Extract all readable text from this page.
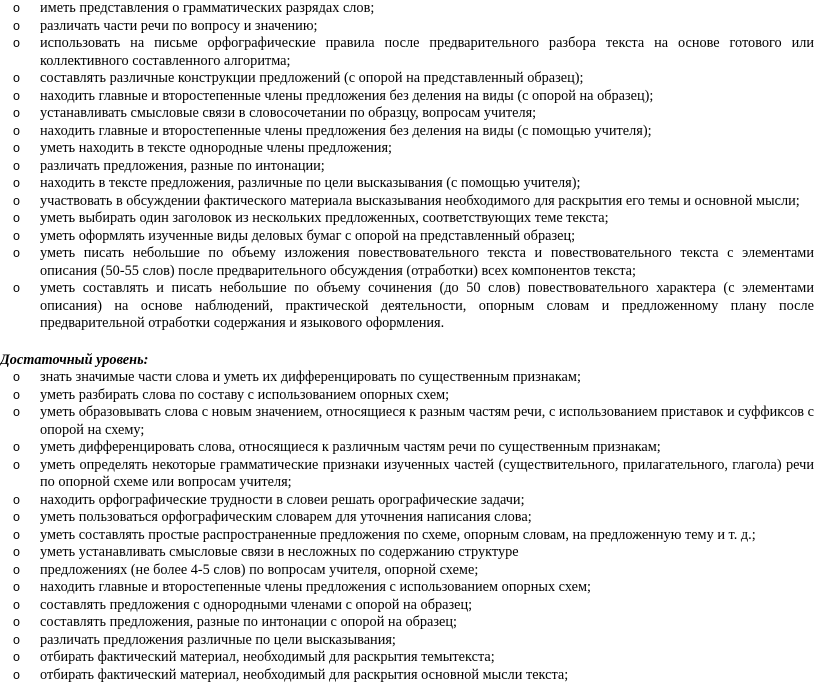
o иметь представления о грамматических разрядах слов;
o различать части речи по вопросу и значению;
o использовать на письме орфографические правила после предварительного разбора текста на основе готового или коллективного составленного алгоритма;
o составлять различные конструкции предложений (с опорой на представленный образец);
o находить главные и второстепенные члены предложения без деления на виды (с опорой на образец);
o устанавливать смысловые связи в словосочетании по образцу, вопросам учителя;
o находить главные и второстепенные члены предложения без деления на виды (с помощью учителя);
o уметь находить в тексте однородные члены предложения;
o различать предложения, разные по интонации;
o находить в тексте предложения, различные по цели высказывания (с помощью учителя);
o участвовать в обсуждении фактического материала высказывания необходимого для раскрытия его темы и основной мысли;
o уметь выбирать один заголовок из нескольких предложенных, соответствующих теме текста;
o уметь оформлять изученные виды деловых бумаг с опорой на представленный образец;
o уметь писать небольшие по объему изложения повествовательного текста и повествовательного текста с элементами описания (50-55 слов) после предварительного обсуждения (отработки) всех компонентов текста;
o уметь составлять и писать небольшие по объему сочинения (до 50 слов) повествовательного характера (с элементами описания) на основе наблюдений, практической деятельности, опорным словам и предложенному плану после предварительной отработки содержания и языкового оформления.
Достаточный уровень:
o знать значимые части слова и уметь их дифференцировать по существенным признакам;
o уметь разбирать слова по составу с использованием опорных схем;
o уметь образовывать слова с новым значением, относящиеся к разным частям речи, с использованием приставок и суффиксов с опорой на схему;
o уметь дифференцировать слова, относящиеся к различным частям речи по существенным признакам;
o уметь определять некоторые грамматические признаки изученных частей (существительного, прилагательного, глагола) речи по опорной схеме или вопросам учителя;
o находить орфографические трудности в словеи решать орографические задачи;
o уметь пользоваться орфографическим словарем для уточнения написания слова;
o уметь составлять простые распространенные предложения по схеме, опорным словам, на предложенную тему и т. д.;
o уметь устанавливать смысловые связи в несложных по содержанию структуре
o предложениях (не более 4-5 слов) по вопросам учителя, опорной схеме;
o находить главные и второстепенные члены предложения с использованием опорных схем;
o составлять предложения с однородными членами с опорой на образец;
o составлять предложения, разные по интонации с опорой на образец;
o различать предложения различные по цели высказывания;
o отбирать фактический материал, необходимый для раскрытия темытекста;
o отбирать фактический материал, необходимый для раскрытия основной мысли текста;
